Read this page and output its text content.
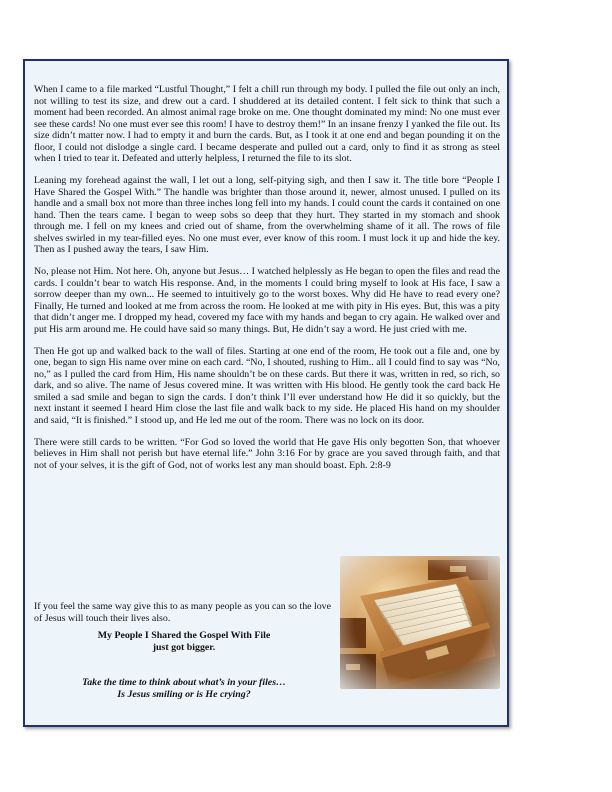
When I came to a file marked “Lustful Thought,” I felt a chill run through my body. I pulled the file out only an inch, not willing to test its size, and drew out a card. I shuddered at its detailed content. I felt sick to think that such a moment had been recorded. An almost animal rage broke on me. One thought dominated my mind: No one must ever see these cards! No one must ever see this room! I have to destroy them!” In an insane frenzy I yanked the file out. Its size didn’t matter now. I had to empty it and burn the cards. But, as I took it at one end and began pounding it on the floor, I could not dislodge a single card. I became desperate and pulled out a card, only to find it as strong as steel when I tried to tear it. Defeated and utterly helpless, I returned the file to its slot.

Leaning my forehead against the wall, I let out a long, self-pitying sigh, and then I saw it. The title bore “People I Have Shared the Gospel With.” The handle was brighter than those around it, newer, almost unused. I pulled on its handle and a small box not more than three inches long fell into my hands. I could count the cards it contained on one hand. Then the tears came. I began to weep sobs so deep that they hurt. They started in my stomach and shook through me. I fell on my knees and cried out of shame, from the overwhelming shame of it all. The rows of file shelves swirled in my tear-filled eyes. No one must ever, ever know of this room. I must lock it up and hide the key. Then as I pushed away the tears, I saw Him.

No, please not Him. Not here. Oh, anyone but Jesus… I watched helplessly as He began to open the files and read the cards. I couldn’t bear to watch His response. And, in the moments I could bring myself to look at His face, I saw a sorrow deeper than my own... He seemed to intuitively go to the worst boxes. Why did He have to read every one? Finally, He turned and looked at me from across the room. He looked at me with pity in His eyes. But, this was a pity that didn’t anger me. I dropped my head, covered my face with my hands and began to cry again. He walked over and put His arm around me. He could have said so many things. But, He didn’t say a word. He just cried with me.

Then He got up and walked back to the wall of files. Starting at one end of the room, He took out a file and, one by one, began to sign His name over mine on each card. “No, I shouted, rushing to Him.. all I could find to say was “No, no,” as I pulled the card from Him, His name shouldn’t be on these cards. But there it was, written in red, so rich, so dark, and so alive. The name of Jesus covered mine. It was written with His blood. He gently took the card back He smiled a sad smile and began to sign the cards. I don’t think I’ll ever understand how He did it so quickly, but the next instant it seemed I heard Him close the last file and walk back to my side. He placed His hand on my shoulder and said, “It is finished.” I stood up, and He led me out of the room. There was no lock on its door.

There were still cards to be written. “For God so loved the world that He gave His only begotten Son, that whoever believes in Him shall not perish but have eternal life.” John 3:16 For by grace are you saved through faith, and that not of your selves, it is the gift of God, not of works lest any man should boast. Eph. 2:8-9

If you feel the same way give this to as many people as you can so the love of Jesus will touch their lives also.

My People I Shared the Gospel With File
just got bigger.

Take the time to think about what’s in your files…
Is Jesus smiling or is He crying?
